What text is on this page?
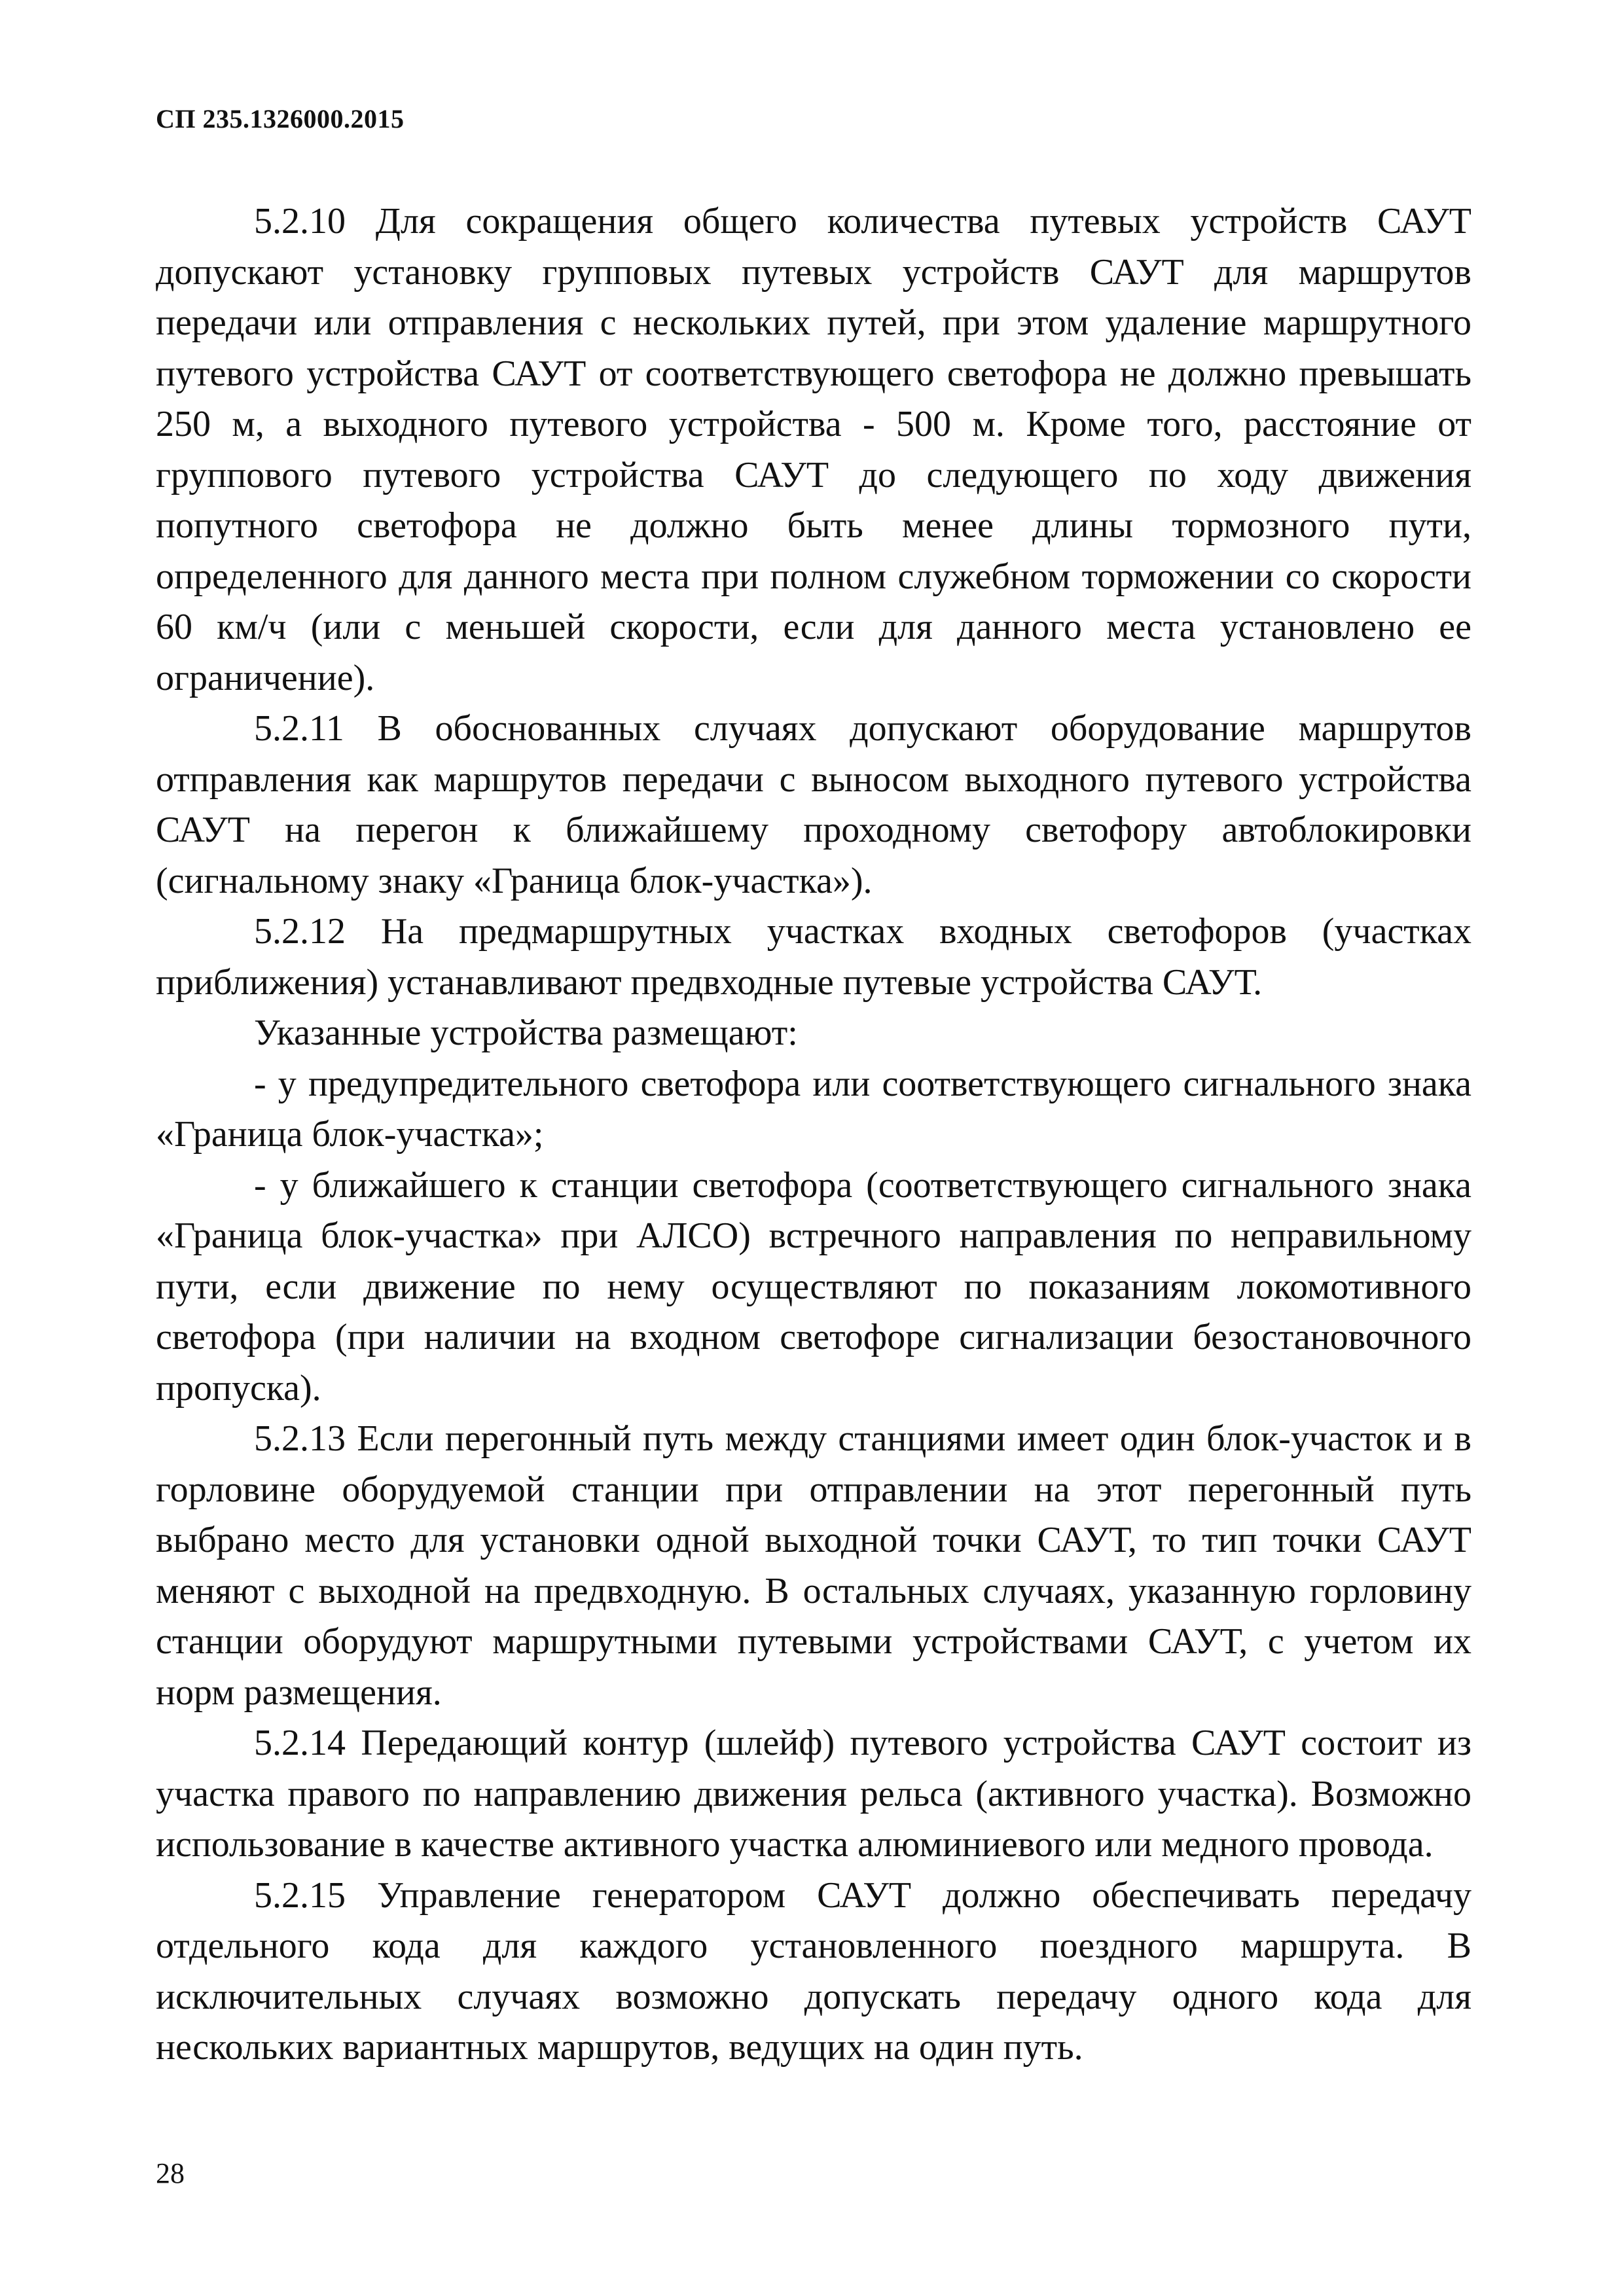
СП 235.1326000.2015

5.2.10 Для сокращения общего количества путевых устройств САУТ допускают установку групповых путевых устройств САУТ для маршрутов передачи или отправления с нескольких путей, при этом удаление маршрутного путевого устройства САУТ от соответствующего светофора не должно превышать 250 м, а выходного путевого устройства - 500 м. Кроме того, расстояние от группового путевого устройства САУТ до следующего по ходу движения попутного светофора не должно быть менее длины тормозного пути, определенного для данного места при полном служебном торможении со скорости 60 км/ч (или с меньшей скорости, если для данного места установлено ее ограничение).

5.2.11 В обоснованных случаях допускают оборудование маршрутов отправления как маршрутов передачи с выносом выходного путевого устройства САУТ на перегон к ближайшему проходному светофору автоблокировки (сигнальному знаку «Граница блок-участка»).

5.2.12 На предмаршрутных участках входных светофоров (участках приближения) устанавливают предвходные путевые устройства САУТ.

Указанные устройства размещают:

- у предупредительного светофора или соответствующего сигнального знака «Граница блок-участка»;

- у ближайшего к станции светофора (соответствующего сигнального знака «Граница блок-участка» при АЛСО) встречного направления по неправильному пути, если движение по нему осуществляют по показаниям локомотивного светофора (при наличии на входном светофоре сигнализации безостановочного пропуска).

5.2.13 Если перегонный путь между станциями имеет один блок-участок и в горловине оборудуемой станции при отправлении на этот перегонный путь выбрано место для установки одной выходной точки САУТ, то тип точки САУТ меняют с выходной на предвходную. В остальных случаях, указанную горловину станции оборудуют маршрутными путевыми устройствами САУТ, с учетом их норм размещения.

5.2.14 Передающий контур (шлейф) путевого устройства САУТ состоит из участка правого по направлению движения рельса (активного участка). Возможно использование в качестве активного участка алюминиевого или медного провода.

5.2.15 Управление генератором САУТ должно обеспечивать передачу отдельного кода для каждого установленного поездного маршрута. В исключительных случаях возможно допускать передачу одного кода для нескольких вариантных маршрутов, ведущих на один путь.

28
